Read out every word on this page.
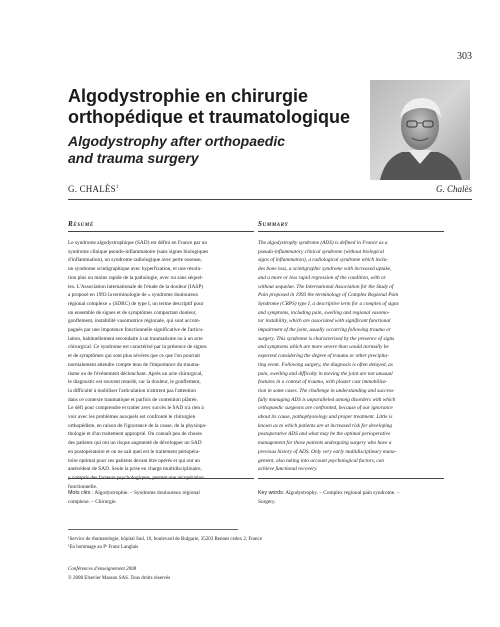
303
Algodystrophie en chirurgie
orthopédique et traumatologique
Algodystrophy after orthopaedic
and trauma surgery
G. CHALÈS$^1$	G. Chalès
Résumé	Summary
Le syndrome algodystrophique (SAD) est défini en France par un
syndrome clinique pseudo-inflammatoire (sans signes biologiques
d'inflammation), un syndrome radiologique avec perte osseuse,
un syndrome scintigraphique avec hyperfixation, et une résolu-
tion plus ou moins rapide de la pathologie, avec ou sans séquel-
les. L'Association internationale de l'étude de la douleur (IASP)
a proposé en 1993 la terminologie de « syndrome douloureux
régional complexe » (SDRC) de type I, un terme descriptif pour
un ensemble de signes et de symptômes comportant douleur,
gonflement, instabilité vasomotrice régionale, qui sont accom-
pagnés par une impotence fonctionnelle significative de l'articu-
lation, habituellement secondaire à un traumatisme ou à un acte
chirurgical. Ce syndrome est caractérisé par la présence de signes
et de symptômes qui sont plus sévères que ce que l'on pourrait
normalement attendre compte tenu de l'importance du trauma-
tisme ou de l'événement déclenchant. Après un acte chirurgical,
le diagnostic est souvent retardé, car la douleur, le gonflement,
la difficulté à mobiliser l'articulation n'attirent pas l'attention
dans ce contexte traumatique et parfois de contention plâtrée.
Le défi pour comprendre et traiter avec succès le SAD n'a rien à
voir avec les problèmes auxquels est confronté le chirurgien
orthopédiste, en raison de l'ignorance de la cause, de la physiopa-
thologie et d'un traitement approprié. On connaît peu de choses
des patients qui ont un risque augmenté de développer un SAD
en postopératoire et on ne sait quel est le traitement périopéra-
toire optimal pour ces patients devant être opérés et qui ont un
antécédent de SAD. Seule la prise en charge multidisciplinaire,
y compris des facteurs psychologiques, permet une récupération
fonctionnelle.
The algodystrophy syndrome (ADS) is defined in France as a
pseudo-inflammatory clinical syndrome (without biological
signs of inflammation), a radiological syndrome which inclu-
des bone loss, a scintigraphic syndrome with increased uptake,
and a more or less rapid regression of the condition, with or
without sequelae. The International Association for the Study of
Pain proposed in 1993 the terminology of Complex Regional Pain
Syndrome (CRPS) type I, a descriptive term for a complex of signs
and symptoms, including pain, swelling and regional vasomo-
tor instability, which are associated with significant functional
impairment of the joint, usually occurring following trauma or
surgery. This syndrome is characterized by the presence of signs
and symptoms which are more severe than would normally be
expected considering the degree of trauma or other precipita-
ting event. Following surgery, the diagnosis is often delayed, as
pain, swelling and difficulty in moving the joint are not unusual
features in a context of trauma, with plaster cast immobiliza-
tion in some cases. The challenge in understanding and success-
fully managing ADS is unparalleled among disorders with which
orthopaedic surgeons are confronted, because of our ignorance
about its cause, pathophysiology and proper treatment. Little is
known as to which patients are at increased risk for developing
postoperative ADS and what may be the optimal perioperative
management for those patients undergoing surgery who have a
previous history of ADS. Only very early multidisciplinary mana-
gement, also taking into account psychological factors, can
achieve functional recovery.
Mots clés : Algodystrophie. – Syndrome douloureux régional
complexe. – Chirurgie.
Key words: Algodystrophy. – Complex regional pain syndrome. –
Surgery.

¹Service de rhumatologie, hôpital Sud, 16, boulevard de Bulgarie, 35203 Rennes cedex 2, France

¹En hommage au Pʳ Franz Langlais

Conférences d'enseignement 2008
© 2008 Elsevier Masson SAS. Tous droits réservés
